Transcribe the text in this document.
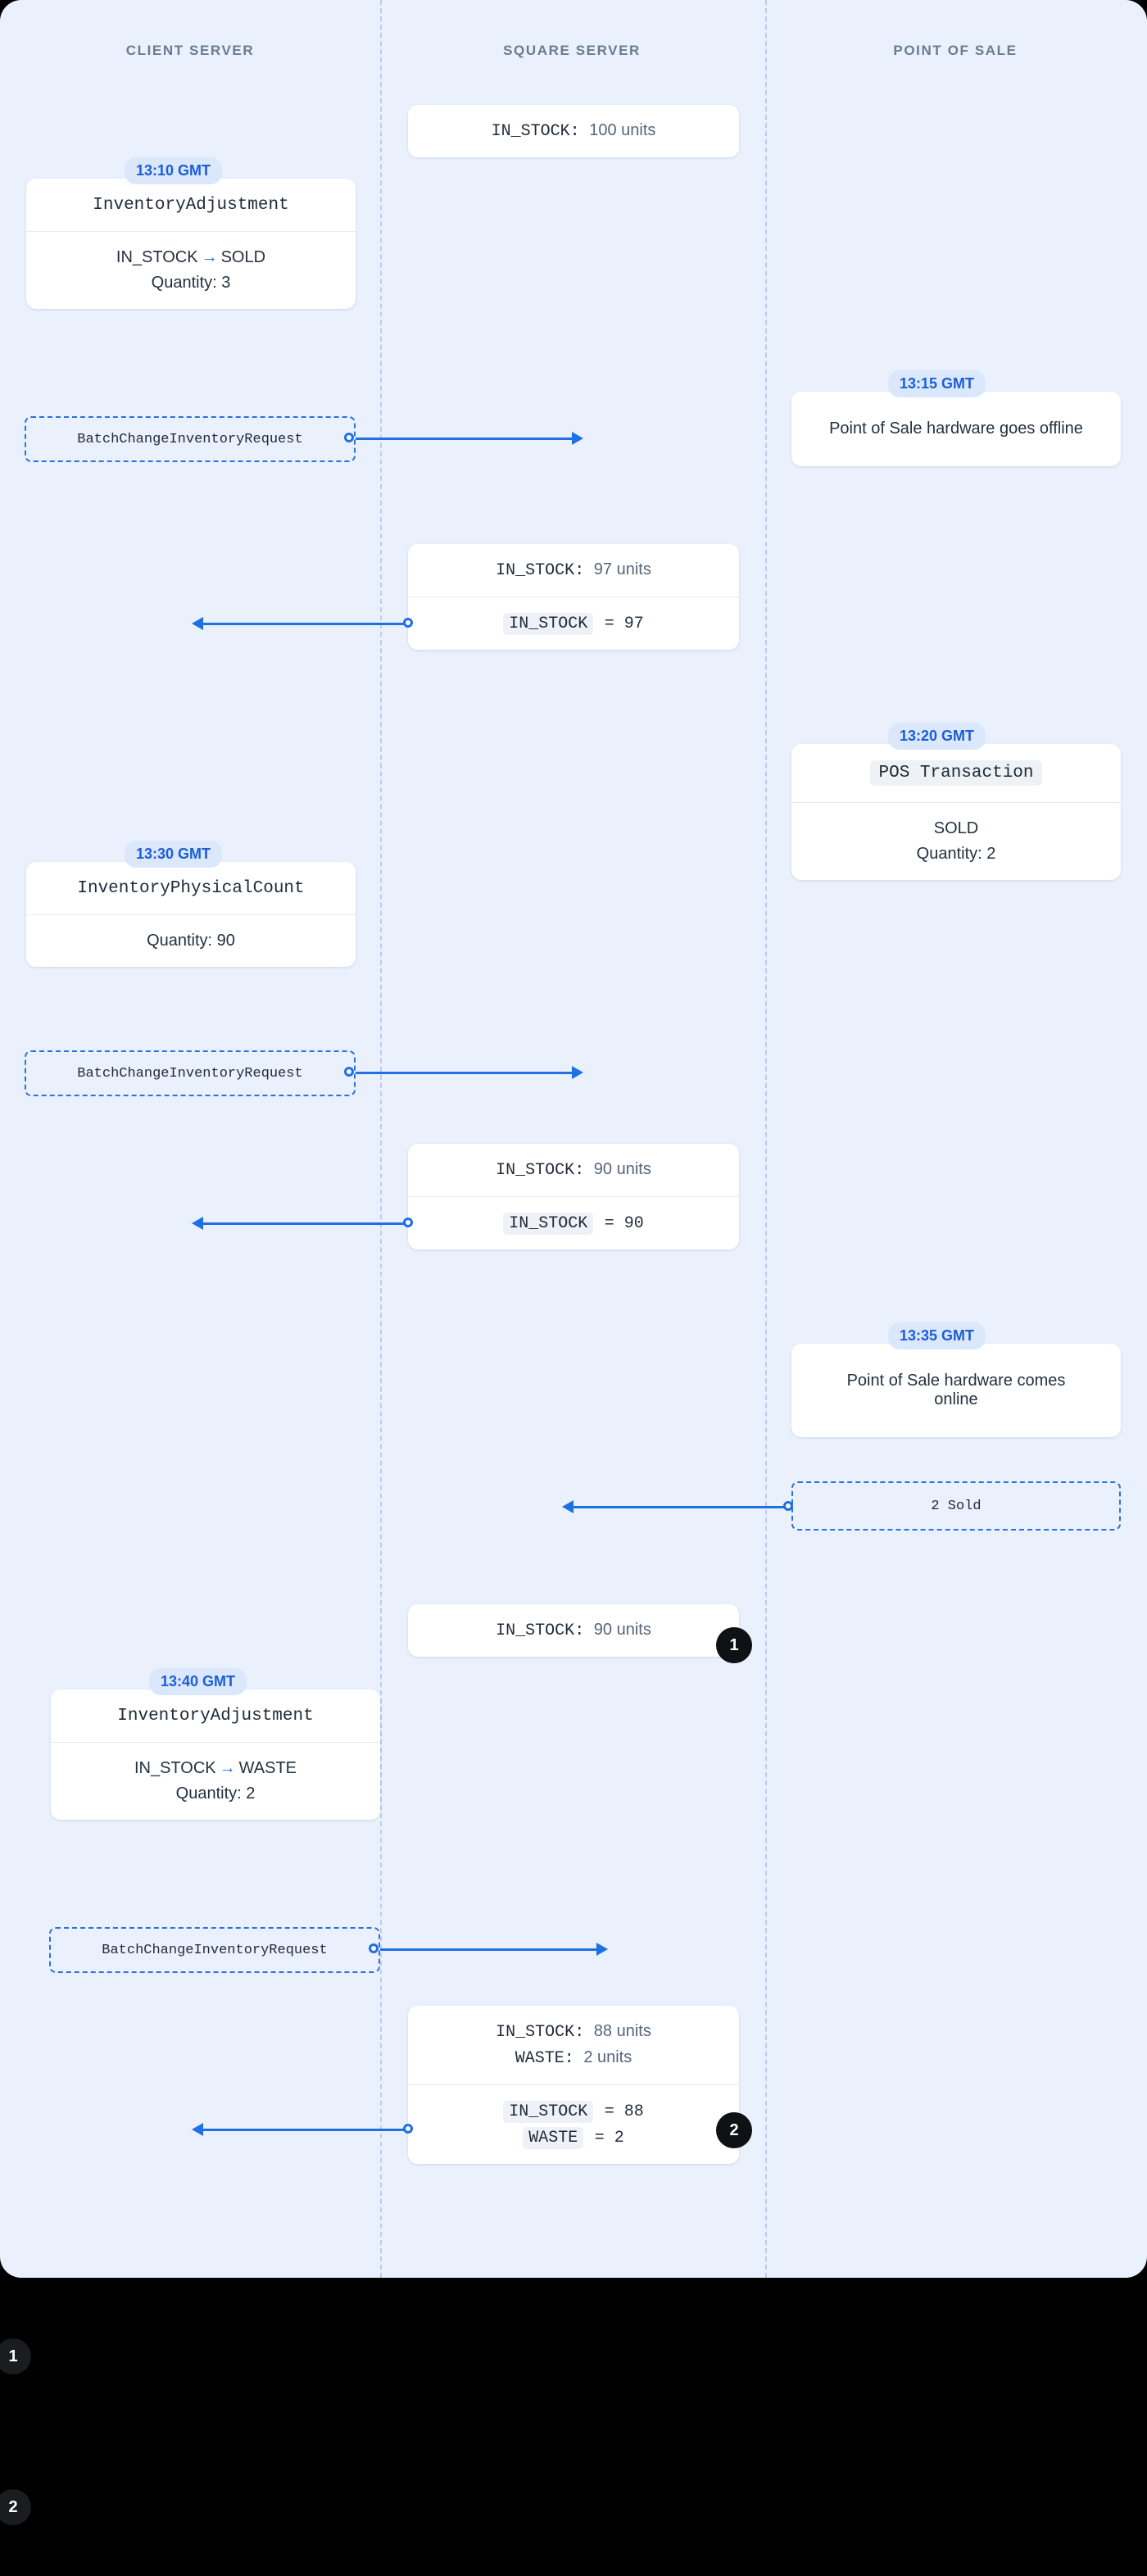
CLIENT SERVER	SQUARE SERVER	POINT OF SALE
IN_STOCK: 100 units
13:10 GMT
InventoryAdjustment
IN_STOCK → SOLD
Quantity: 3
BatchChangeInventoryRequest
13:15 GMT
Point of Sale hardware goes offline
IN_STOCK: 97 units
IN_STOCK = 97
13:20 GMT
POS Transaction
SOLD
Quantity: 2
13:30 GMT
InventoryPhysicalCount
Quantity: 90
BatchChangeInventoryRequest
IN_STOCK: 90 units
IN_STOCK = 90
13:35 GMT
Point of Sale hardware comes online
2 Sold
IN_STOCK: 90 units
1
13:40 GMT
InventoryAdjustment
IN_STOCK → WASTE
Quantity: 2
BatchChangeInventoryRequest
IN_STOCK: 88 units
WASTE: 2 units
IN_STOCK = 88
WASTE = 2	2
1
2
